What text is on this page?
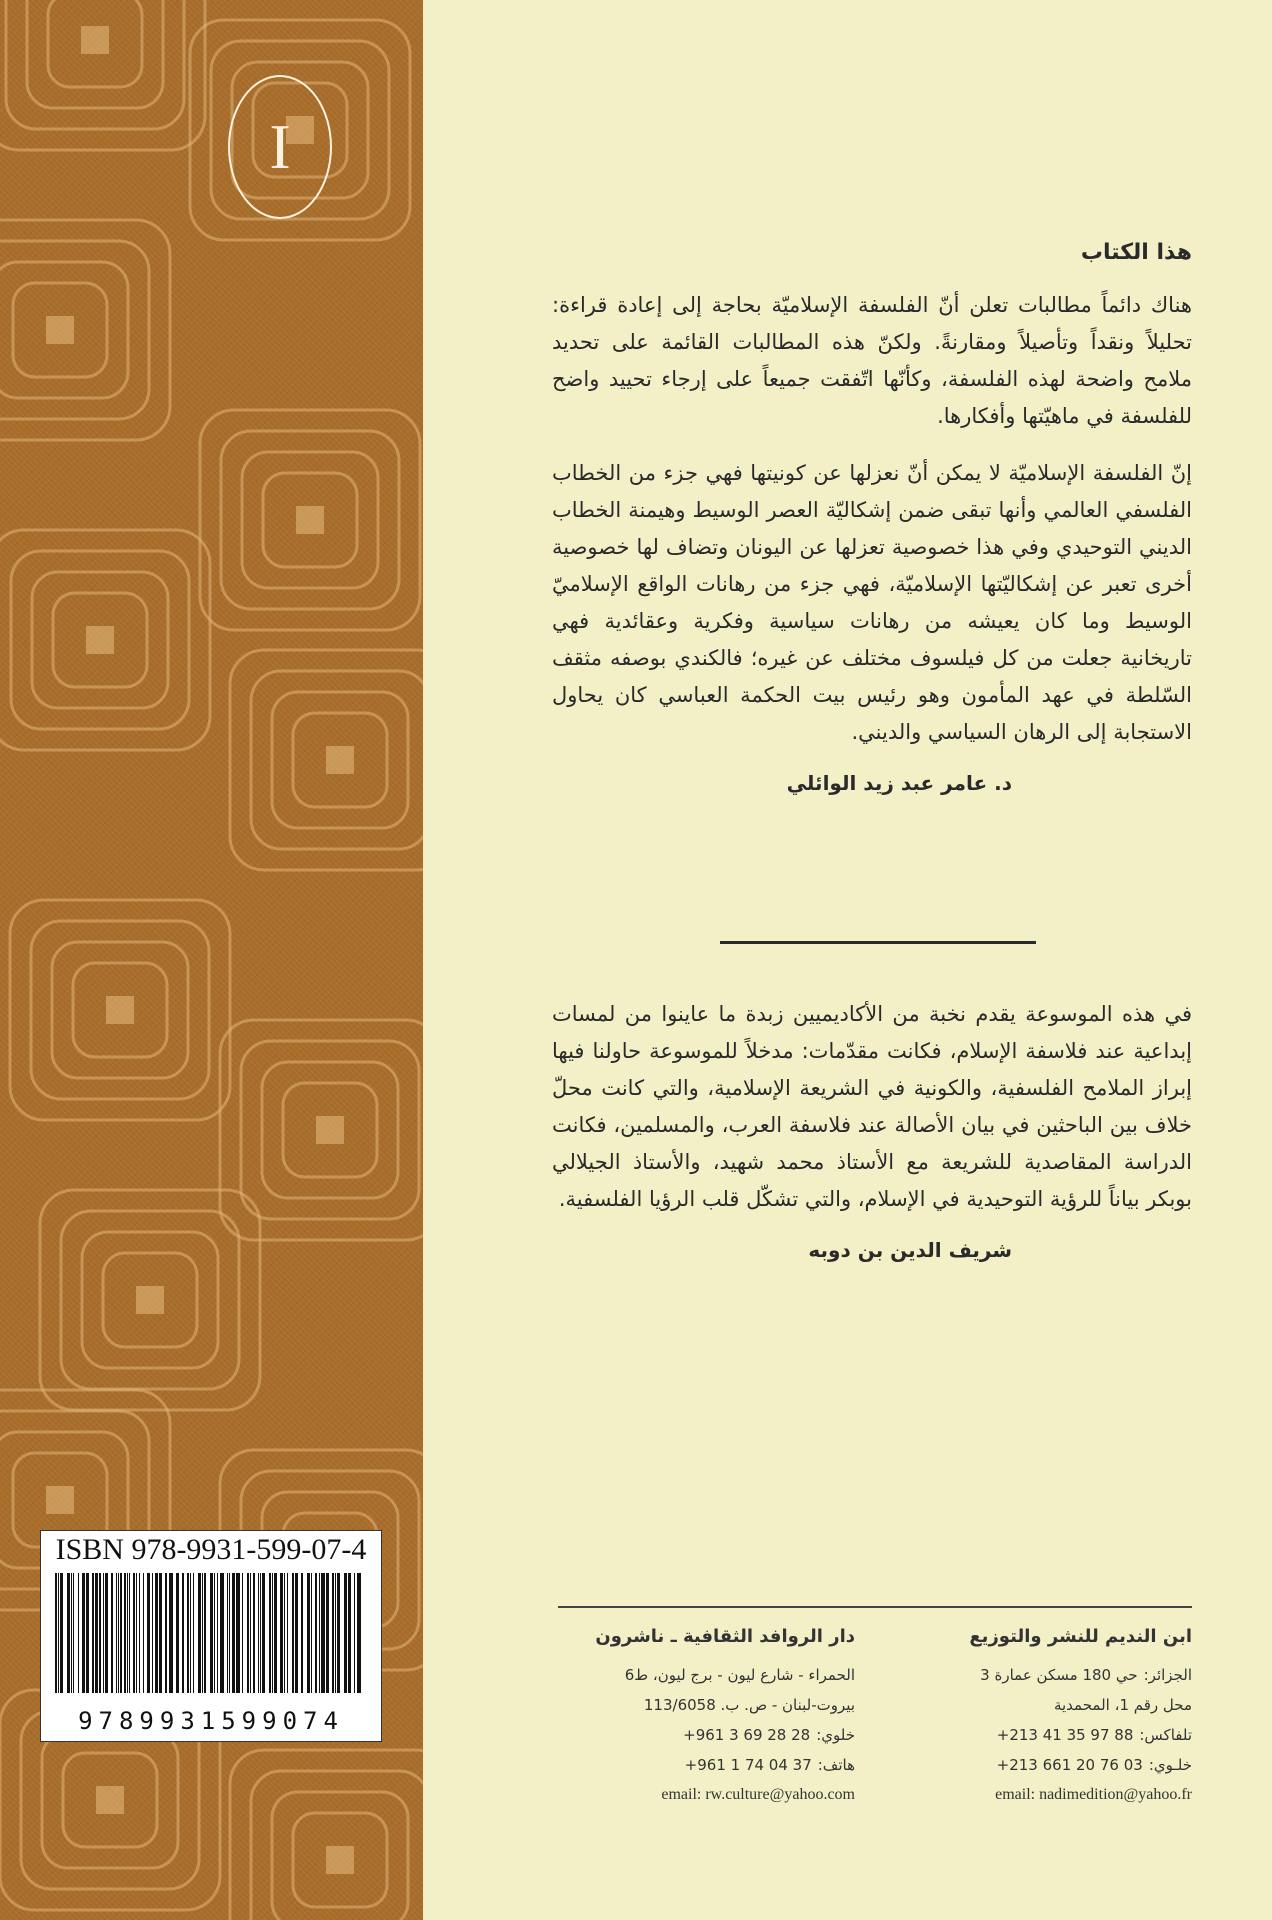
I
ISBN 978-9931-599-07-4
9789931599074
هذا الكتاب

هناك دائماً مطالبات تعلن أنّ الفلسفة الإسلاميّة بحاجة إلى إعادة قراءة: تحليلاً ونقداً وتأصيلاً ومقارنةً. ولكنّ هذه المطالبات القائمة على تحديد ملامح واضحة لهذه الفلسفة، وكأنّها اتّفقت جميعاً على إرجاء تحييد واضح للفلسفة في ماهيّتها وأفكارها.

إنّ الفلسفة الإسلاميّة لا يمكن أنّ نعزلها عن كونيتها فهي جزء من الخطاب الفلسفي العالمي وأنها تبقى ضمن إشكاليّة العصر الوسيط وهيمنة الخطاب الديني التوحيدي وفي هذا خصوصية تعزلها عن اليونان وتضاف لها خصوصية أخرى تعبر عن إشكاليّتها الإسلاميّة، فهي جزء من رهانات الواقع الإسلاميّ الوسيط وما كان يعيشه من رهانات سياسية وفكرية وعقائدية فهي تاريخانية جعلت من كل فيلسوف مختلف عن غيره؛ فالكندي بوصفه مثقف السّلطة في عهد المأمون وهو رئيس بيت الحكمة العباسي كان يحاول الاستجابة إلى الرهان السياسي والديني.

د. عامر عبد زيد الوائلي

في هذه الموسوعة يقدم نخبة من الأكاديميين زبدة ما عاينوا من لمسات إبداعية عند فلاسفة الإسلام، فكانت مقدّمات: مدخلاً للموسوعة حاولنا فيها إبراز الملامح الفلسفية، والكونية في الشريعة الإسلامية، والتي كانت محلّ خلاف بين الباحثين في بيان الأصالة عند فلاسفة العرب، والمسلمين، فكانت الدراسة المقاصدية للشريعة مع الأستاذ محمد شهيد، والأستاذ الجيلالي بوبكر بياناً للرؤية التوحيدية في الإسلام، والتي تشكّل قلب الرؤيا الفلسفية.

شريف الدين بن دوبه
ابن النديم للنشر والتوزيع
الجزائر:حي 180 مسكن عمارة 3
محل رقم 1، المحمدية
تلفاكس:+213 41 35 97 88
خلـوي:+213 661 20 76 03
email: nadimedition@yahoo.fr
دار الروافد الثقافية ـ ناشرون
الحمراء - شارع ليون - برج ليون، ط6
بيروت-لبنان - ص. ب. 113/6058
خلوي:+961 3 69 28 28
هاتف:+961 1 74 04 37
email: rw.culture@yahoo.com
